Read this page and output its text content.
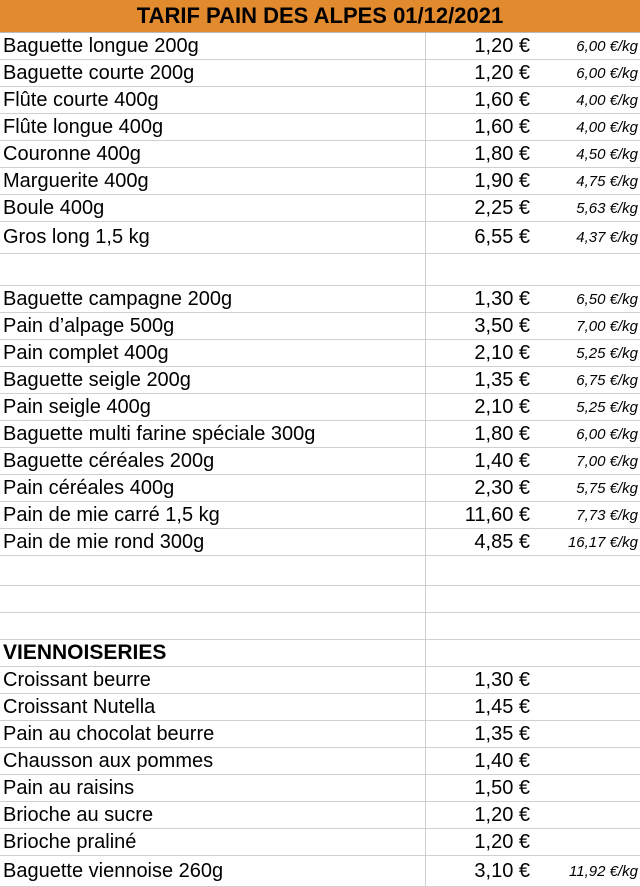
TARIF PAIN DES ALPES 01/12/2021
Baguette longue 200g	1,20 €	6,00 €/kg
Baguette courte 200g	1,20 €	6,00 €/kg
Flûte courte 400g	1,60 €	4,00 €/kg
Flûte longue 400g	1,60 €	4,00 €/kg
Couronne 400g	1,80 €	4,50 €/kg
Marguerite 400g	1,90 €	4,75 €/kg
Boule 400g	2,25 €	5,63 €/kg
Gros long 1,5 kg	6,55 €	4,37 €/kg
Baguette campagne 200g	1,30 €	6,50 €/kg
Pain d’alpage 500g	3,50 €	7,00 €/kg
Pain complet 400g	2,10 €	5,25 €/kg
Baguette seigle 200g	1,35 €	6,75 €/kg
Pain seigle 400g	2,10 €	5,25 €/kg
Baguette multi farine spéciale 300g	1,80 €	6,00 €/kg
Baguette céréales 200g	1,40 €	7,00 €/kg
Pain céréales 400g	2,30 €	5,75 €/kg
Pain de mie carré 1,5 kg	11,60 €	7,73 €/kg
Pain de mie rond 300g	4,85 €	16,17 €/kg
VIENNOISERIES
Croissant beurre	1,30 €
Croissant Nutella	1,45 €
Pain au chocolat beurre	1,35 €
Chausson aux pommes	1,40 €
Pain au raisins	1,50 €
Brioche au sucre	1,20 €
Brioche praliné	1,20 €
Baguette viennoise 260g	3,10 €	11,92 €/kg
